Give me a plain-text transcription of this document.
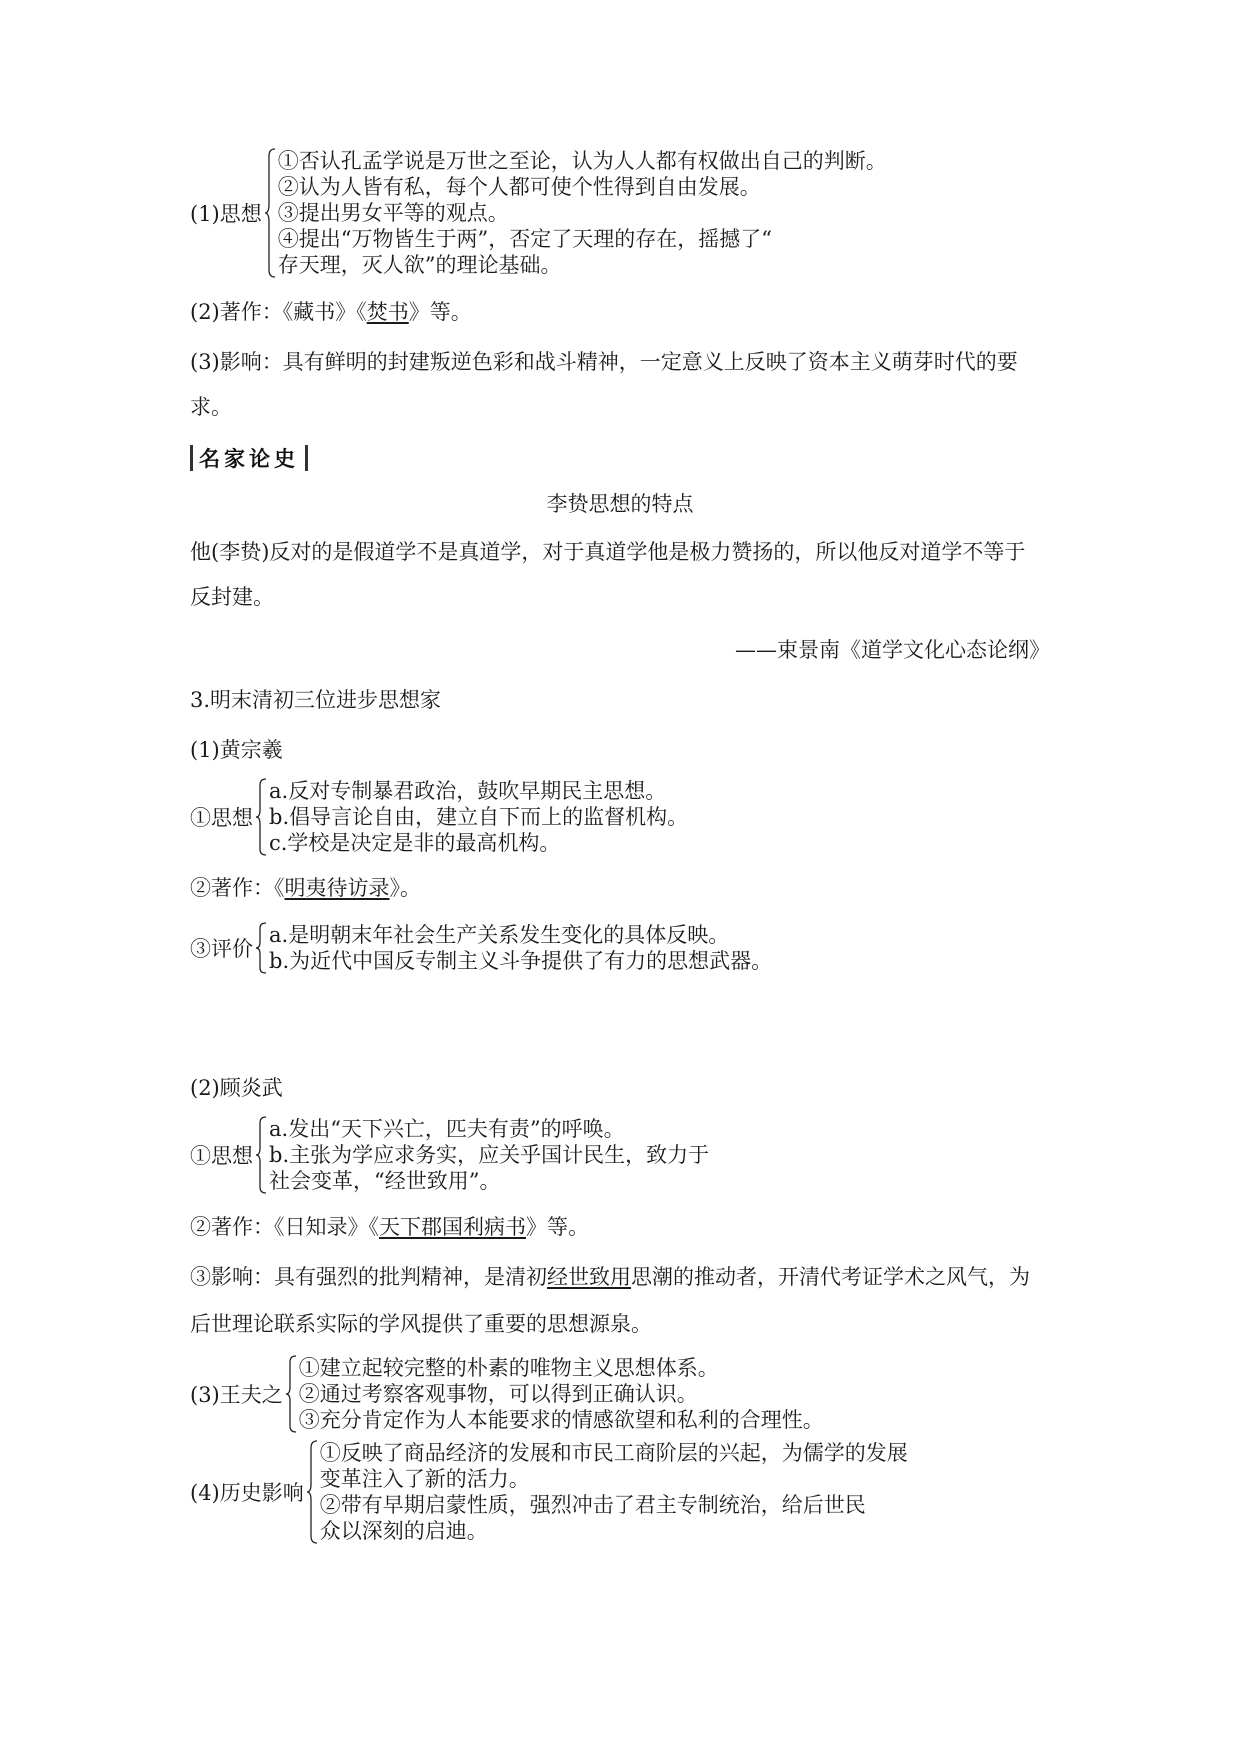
(1)思想
①否认孔孟学说是万世之至论，认为人人都有权做出自己的判断。
②认为人皆有私，每个人都可使个性得到自由发展。
③提出男女平等的观点。
④提出“万物皆生于两”，否定了天理的存在，摇撼了“
存天理，灭人欲”的理论基础。
(2)著作：《藏书》《焚书》等。
(3)影响：具有鲜明的封建叛逆色彩和战斗精神，一定意义上反映了资本主义萌芽时代的要
求。
名家论史
李贽思想的特点
他(李贽)反对的是假道学不是真道学，对于真道学他是极力赞扬的，所以他反对道学不等于
反封建。
——束景南《道学文化心态论纲》
3.明末清初三位进步思想家
(1)黄宗羲
①思想
a.反对专制暴君政治，鼓吹早期民主思想。
b.倡导言论自由，建立自下而上的监督机构。
c.学校是决定是非的最高机构。
②著作：《明夷待访录》。
③评价
a.是明朝末年社会生产关系发生变化的具体反映。
b.为近代中国反专制主义斗争提供了有力的思想武器。
(2)顾炎武
①思想
a.发出“天下兴亡，匹夫有责”的呼唤。
b.主张为学应求务实，应关乎国计民生，致力于
社会变革，“经世致用”。
②著作：《日知录》《天下郡国利病书》等。
③影响：具有强烈的批判精神，是清初经世致用思潮的推动者，开清代考证学术之风气，为
后世理论联系实际的学风提供了重要的思想源泉。
(3)王夫之
①建立起较完整的朴素的唯物主义思想体系。
②通过考察客观事物，可以得到正确认识。
③充分肯定作为人本能要求的情感欲望和私利的合理性。
(4)历史影响
①反映了商品经济的发展和市民工商阶层的兴起，为儒学的发展
变革注入了新的活力。
②带有早期启蒙性质，强烈冲击了君主专制统治，给后世民
众以深刻的启迪。
